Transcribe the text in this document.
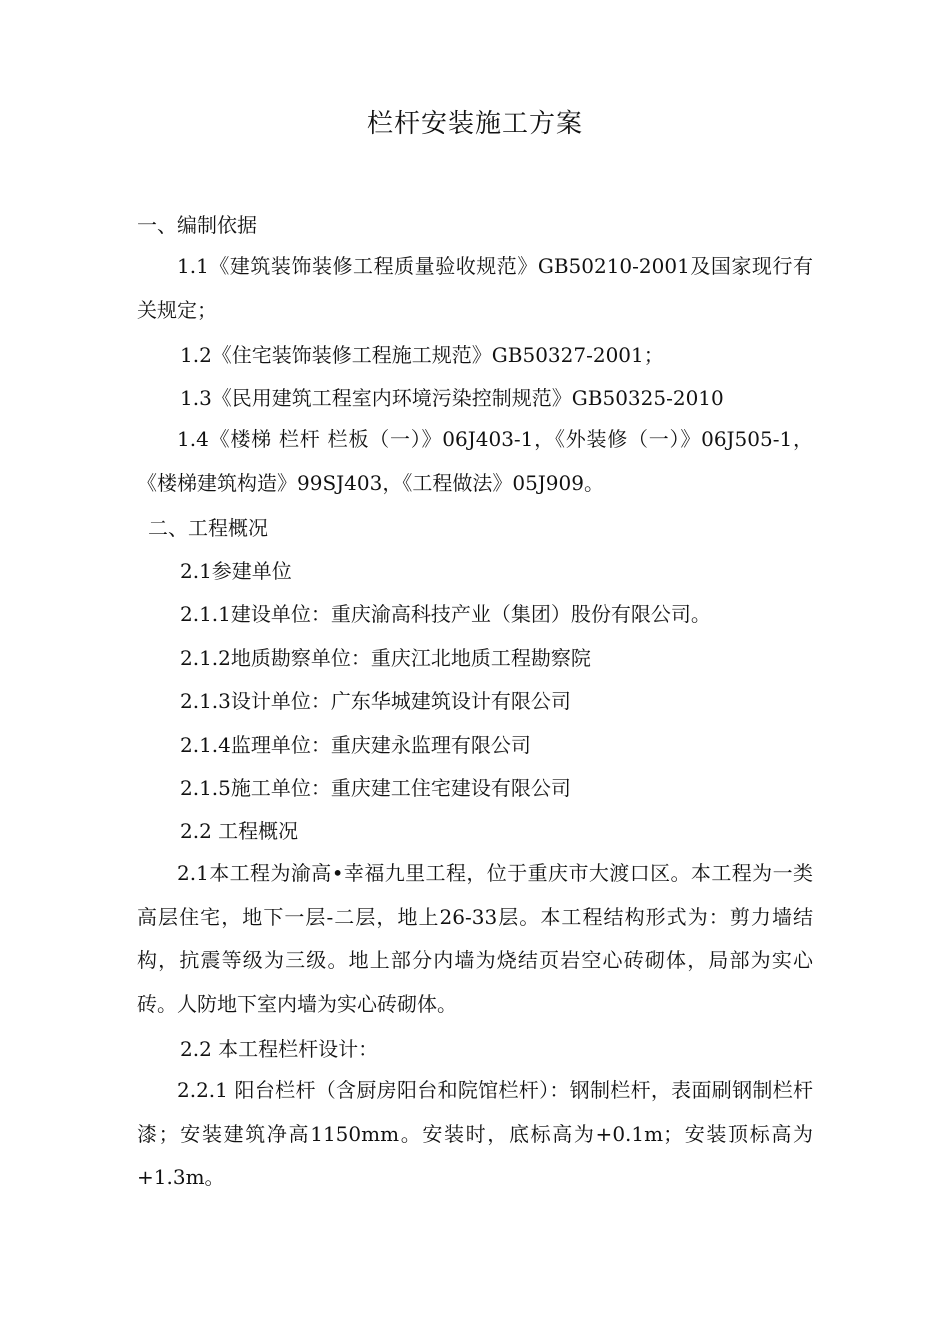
栏杆安装施工方案
一、编制依据
1.1《建筑装饰装修工程质量验收规范》GB50210-2001及国家现行有关规定；
1.2《住宅装饰装修工程施工规范》GB50327-2001；
1.3《民用建筑工程室内环境污染控制规范》GB50325-2010
1.4《楼梯 栏杆 栏板（一）》06J403-1，《外装修（一）》06J505-1，《楼梯建筑构造》99SJ403，《工程做法》05J909。
二、工程概况
2.1参建单位
2.1.1建设单位：重庆渝高科技产业（集团）股份有限公司。
2.1.2地质勘察单位：重庆江北地质工程勘察院
2.1.3设计单位：广东华城建筑设计有限公司
2.1.4监理单位：重庆建永监理有限公司
2.1.5施工单位：重庆建工住宅建设有限公司
2.2 工程概况
2.1本工程为渝高•幸福九里工程，位于重庆市大渡口区。本工程为一类高层住宅，地下一层-二层，地上26-33层。本工程结构形式为：剪力墙结构，抗震等级为三级。地上部分内墙为烧结页岩空心砖砌体，局部为实心砖。人防地下室内墙为实心砖砌体。
2.2 本工程栏杆设计：
2.2.1 阳台栏杆（含厨房阳台和院馆栏杆）：钢制栏杆，表面刷钢制栏杆漆；安装建筑净高1150mm。安装时，底标高为+0.1m；安装顶标高为+1.3m。
